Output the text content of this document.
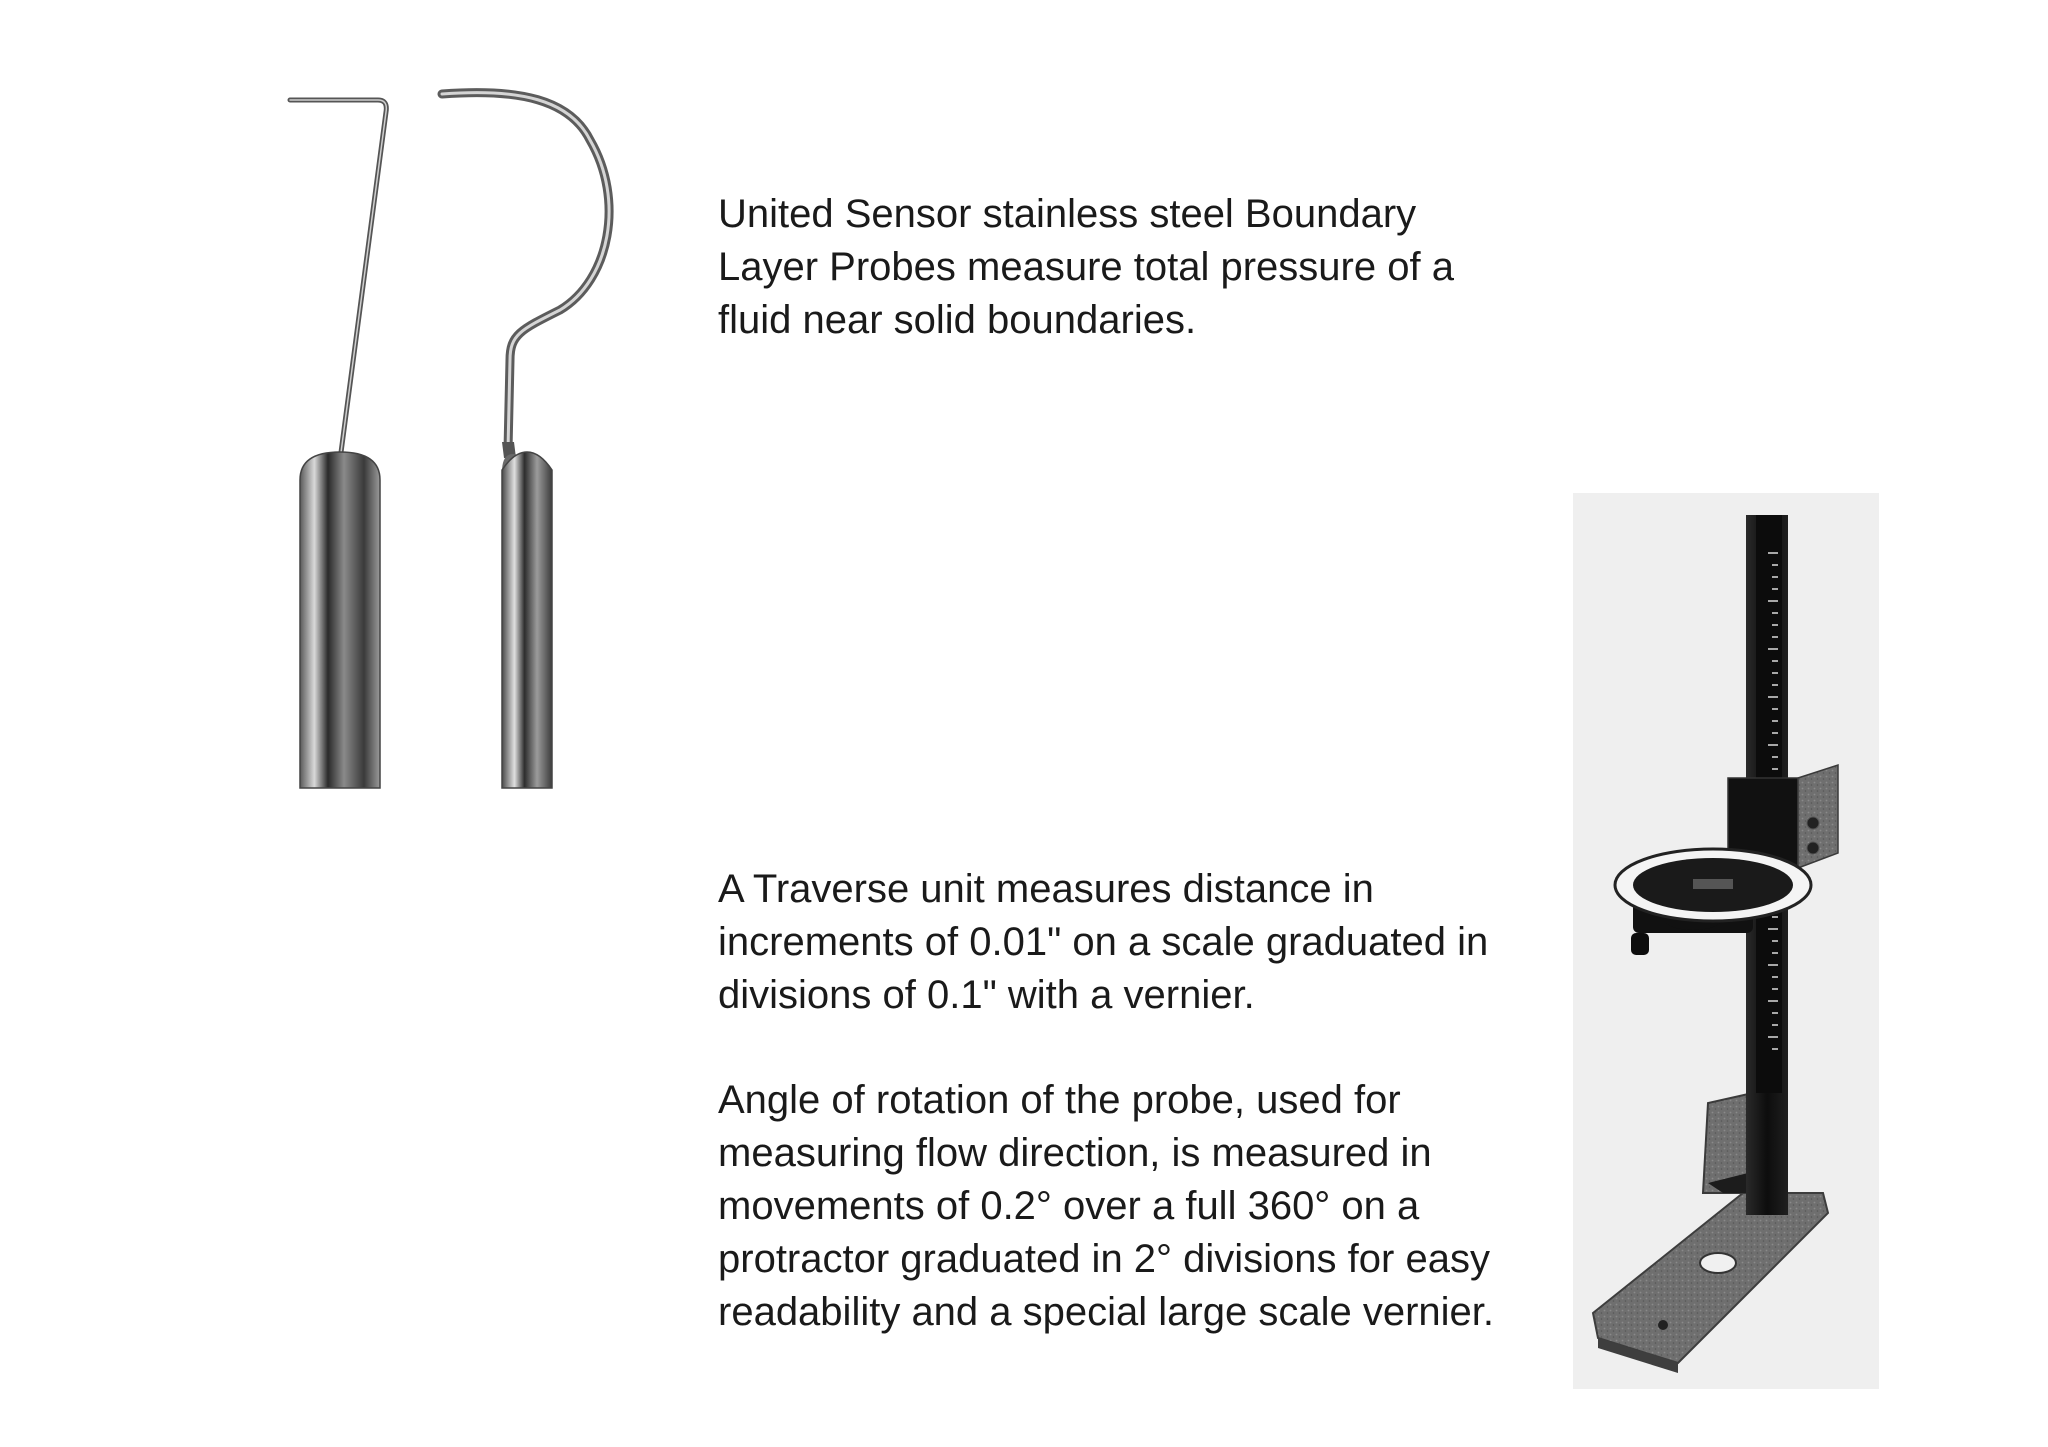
United Sensor stainless steel Boundary
Layer Probes measure total pressure of a
fluid near solid boundaries.
A Traverse unit measures distance in
increments of 0.01" on a scale graduated in
divisions of 0.1" with a vernier.
Angle of rotation of the probe, used for
measuring flow direction, is measured in
movements of 0.2° over a full 360° on a
protractor graduated in 2° divisions for easy
readability and a special large scale vernier.
